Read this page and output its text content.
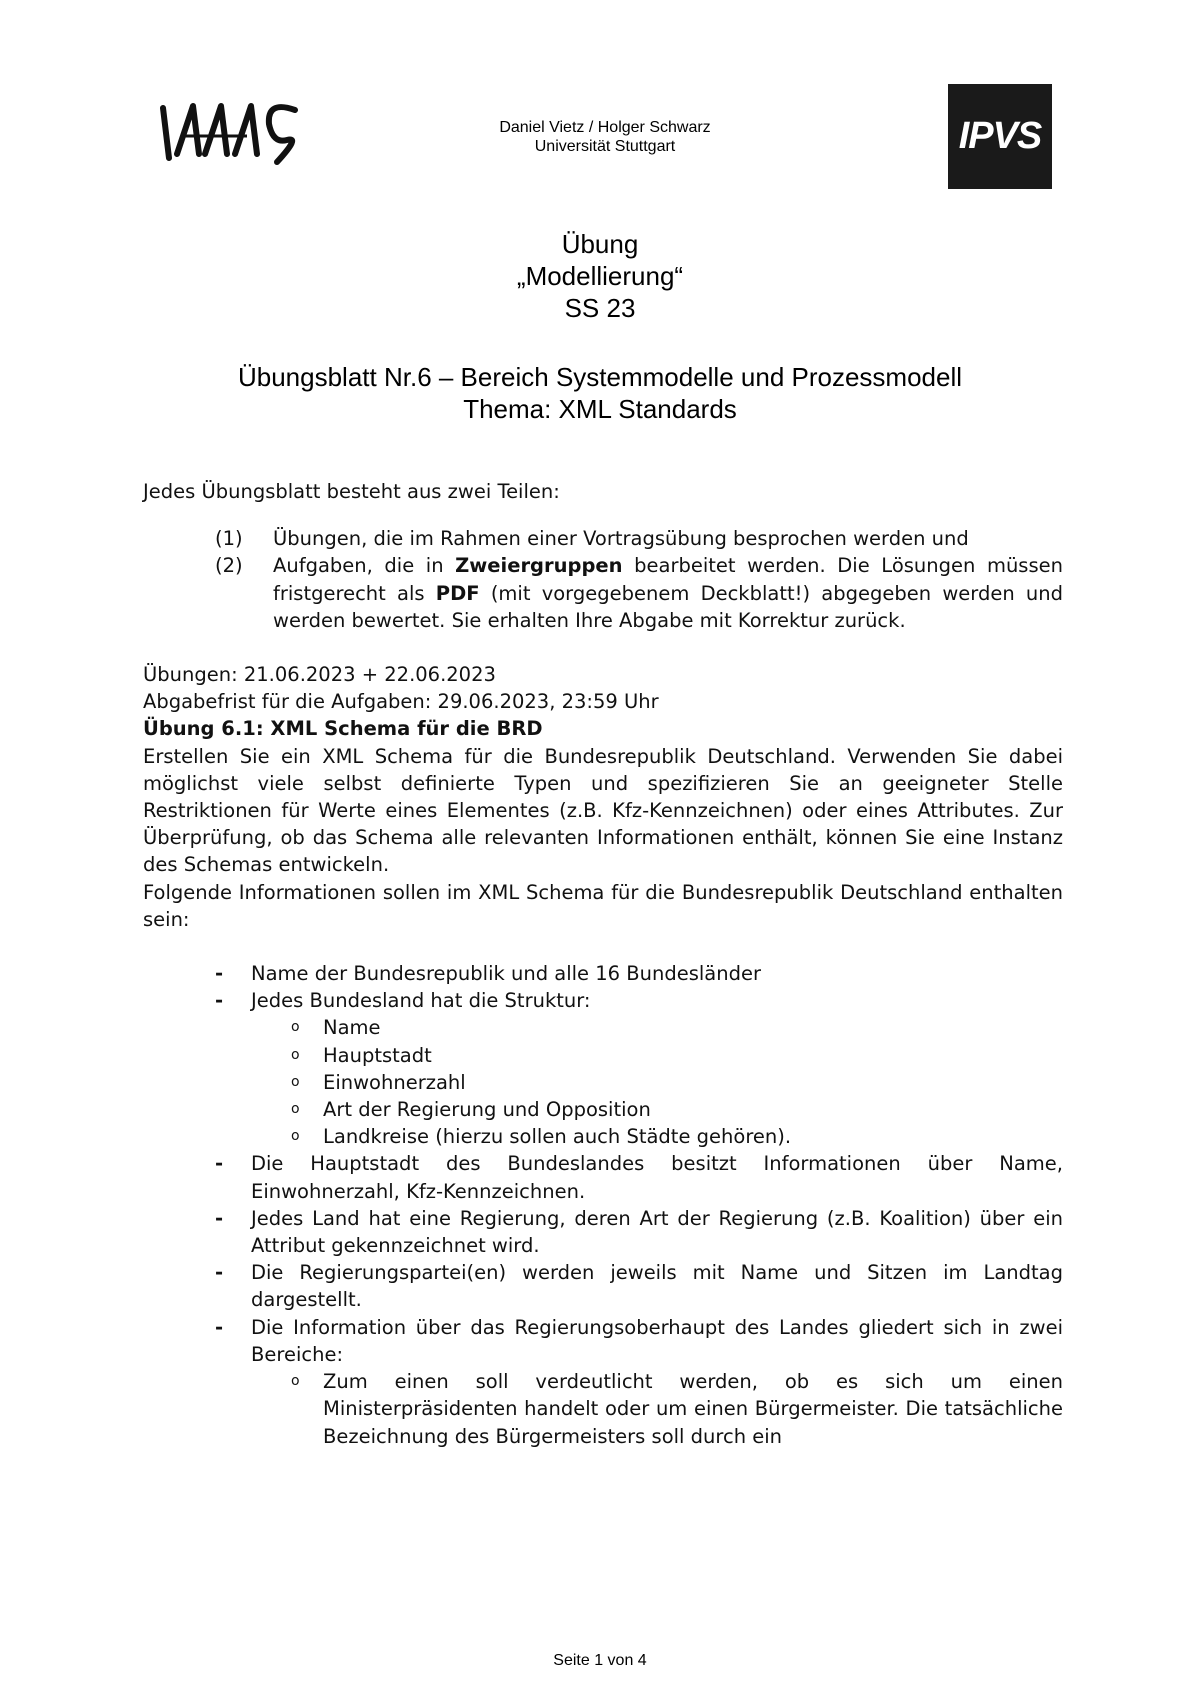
Daniel Vietz / Holger Schwarz
Universität Stuttgart	IPVS
Übung
„Modellierung“
SS 23
Übungsblatt Nr.6 – Bereich Systemmodelle und Prozessmodell
Thema: XML Standards

Jedes Übungsblatt besteht aus zwei Teilen:

(1)	Übungen, die im Rahmen einer Vortragsübung besprochen werden und
(2)	Aufgaben, die in Zweiergruppen bearbeitet werden. Die Lösungen müssen fristgerecht als PDF (mit vorgegebenem Deckblatt!) abgegeben werden und werden bewertet. Sie erhalten Ihre Abgabe mit Korrektur zurück.

Übungen: 21.06.2023 + 22.06.2023

Abgabefrist für die Aufgaben: 29.06.2023, 23:59 Uhr

Übung 6.1: XML Schema für die BRD

Erstellen Sie ein XML Schema für die Bundesrepublik Deutschland. Verwenden Sie dabei möglichst viele selbst definierte Typen und spezifizieren Sie an geeigneter Stelle Restriktionen für Werte eines Elementes (z.B. Kfz-Kennzeichnen) oder eines Attributes. Zur Überprüfung, ob das Schema alle relevanten Informationen enthält, können Sie eine Instanz des Schemas entwickeln.

Folgende Informationen sollen im XML Schema für die Bundesrepublik Deutschland enthalten sein:

-	Name der Bundesrepublik und alle 16 Bundesländer
-	Jedes Bundesland hat die Struktur:
o	Name
o	Hauptstadt
o	Einwohnerzahl
o	Art der Regierung und Opposition
o	Landkreise (hierzu sollen auch Städte gehören).
-	Die Hauptstadt des Bundeslandes besitzt Informationen über Name, Einwohnerzahl, Kfz-Kennzeichnen.
-	Jedes Land hat eine Regierung, deren Art der Regierung (z.B. Koalition) über ein Attribut gekennzeichnet wird.
-	Die Regierungspartei(en) werden jeweils mit Name und Sitzen im Landtag dargestellt.
-	Die Information über das Regierungsoberhaupt des Landes gliedert sich in zwei Bereiche:
o	Zum einen soll verdeutlicht werden, ob es sich um einen Ministerpräsidenten handelt oder um einen Bürgermeister. Die tatsächliche Bezeichnung des Bürgermeisters soll durch ein
Seite 1 von 4
